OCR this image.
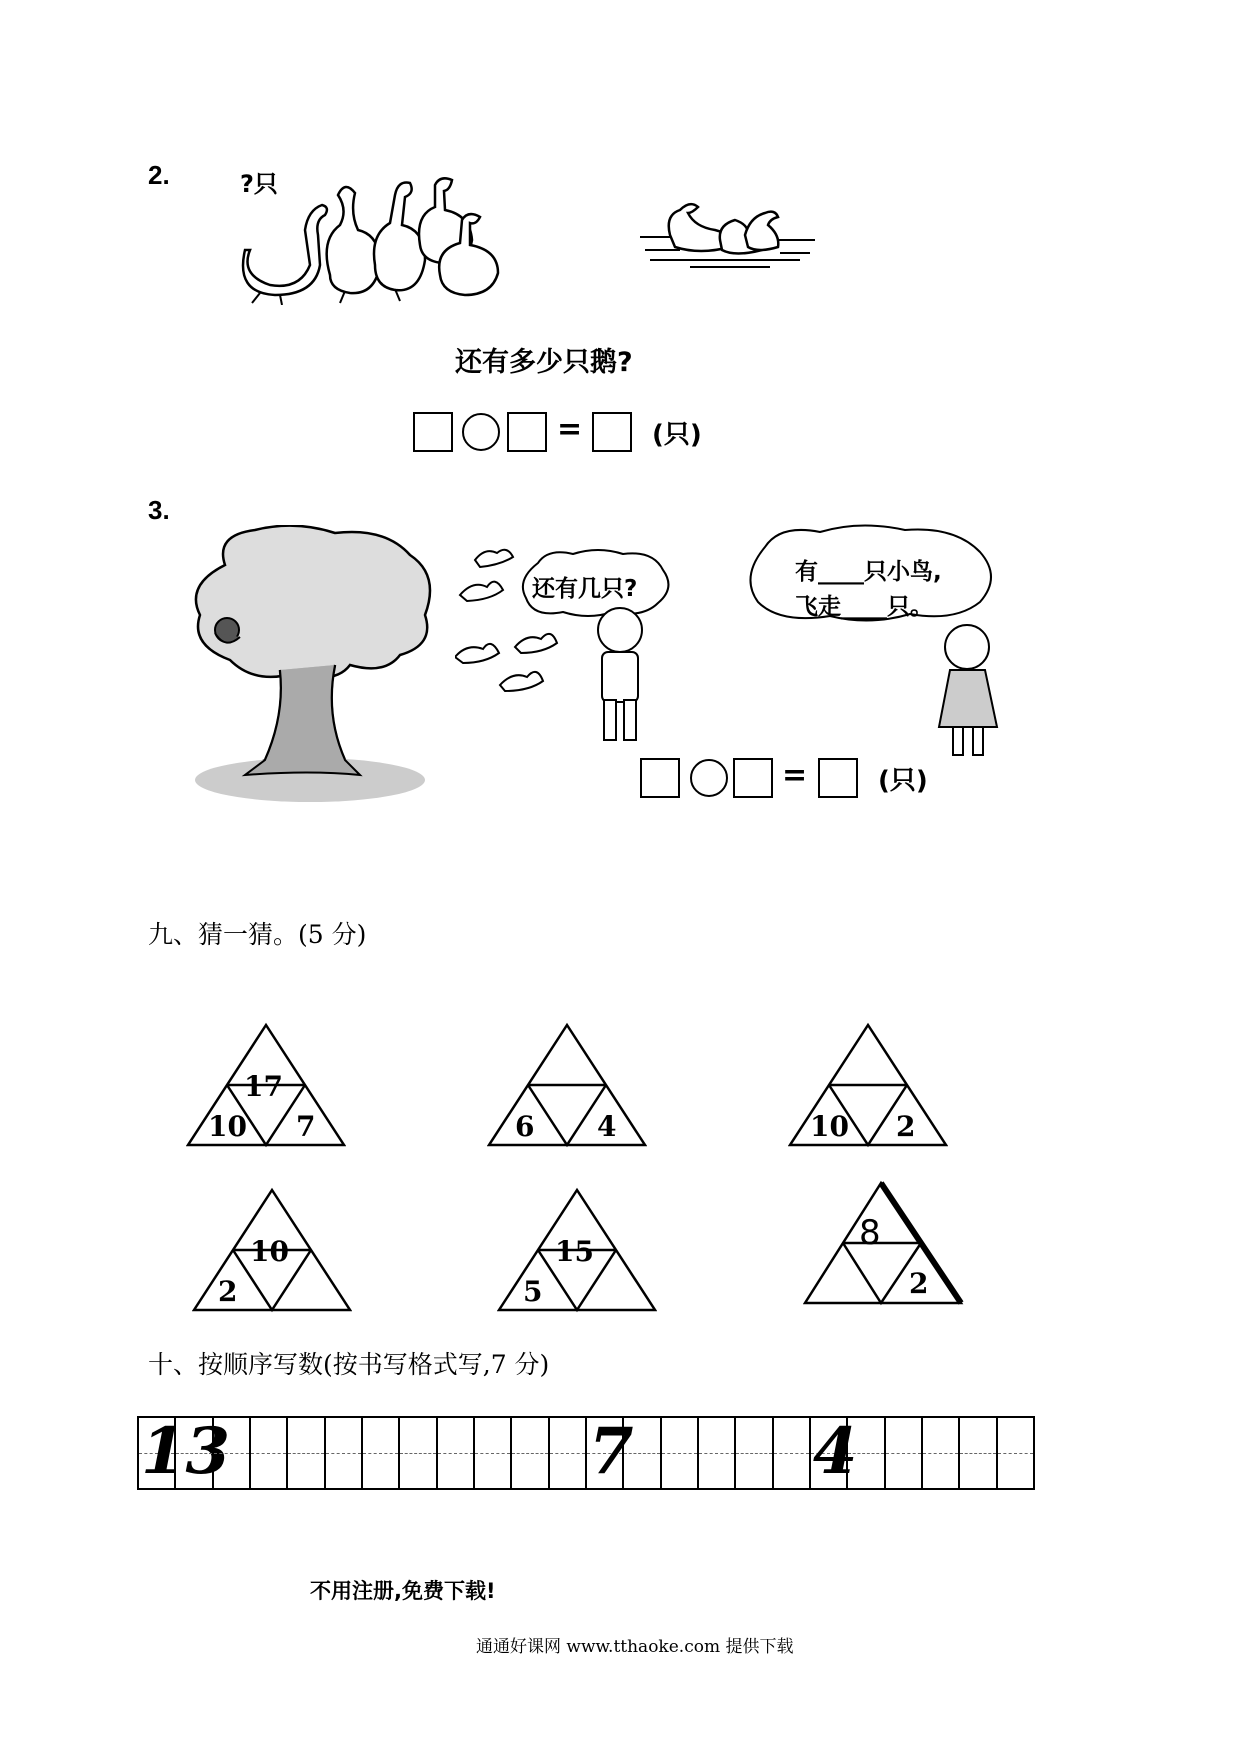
2.	?只
还有多少只鹅?
=	(只)
3.
还有几只?
有____只小鸟,
飞走____只。
=	(只)
九、猜一猜。(5 分)
17
10 7	6 4	10 2
10
2
15
5
8
2
十、按顺序写数(按书写格式写,7 分)
13	7	4
不用注册,免费下载!
通通好课网 www.tthaoke.com 提供下载
